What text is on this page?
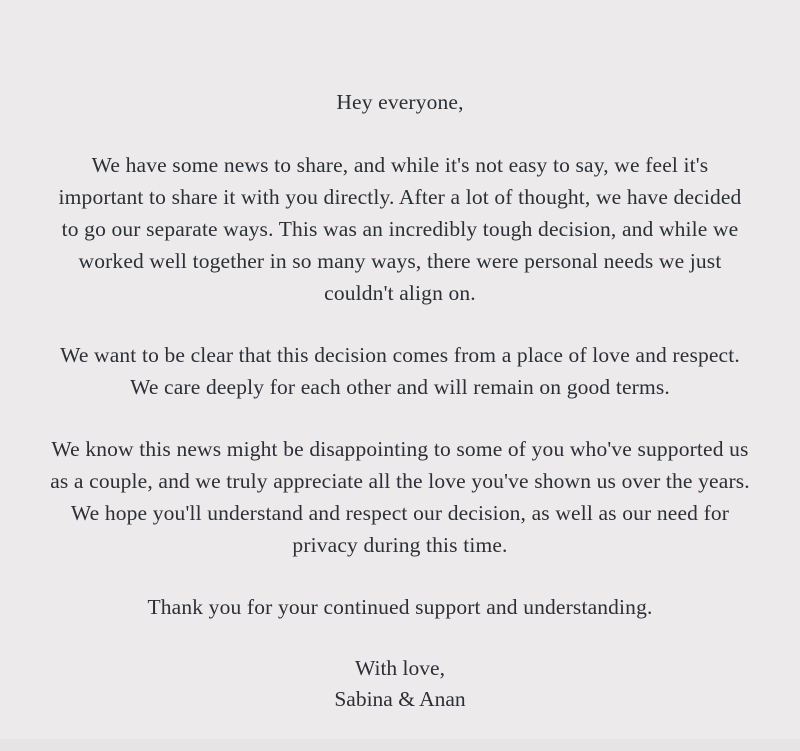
Hey everyone,

We have some news to share, and while it's not easy to say, we feel it's important to share it with you directly. After a lot of thought, we have decided to go our separate ways. This was an incredibly tough decision, and while we worked well together in so many ways, there were personal needs we just couldn't align on.

We want to be clear that this decision comes from a place of love and respect. We care deeply for each other and will remain on good terms.

We know this news might be disappointing to some of you who've supported us as a couple, and we truly appreciate all the love you've shown us over the years. We hope you'll understand and respect our decision, as well as our need for privacy during this time.

Thank you for your continued support and understanding.

With love,

Sabina & Anan
